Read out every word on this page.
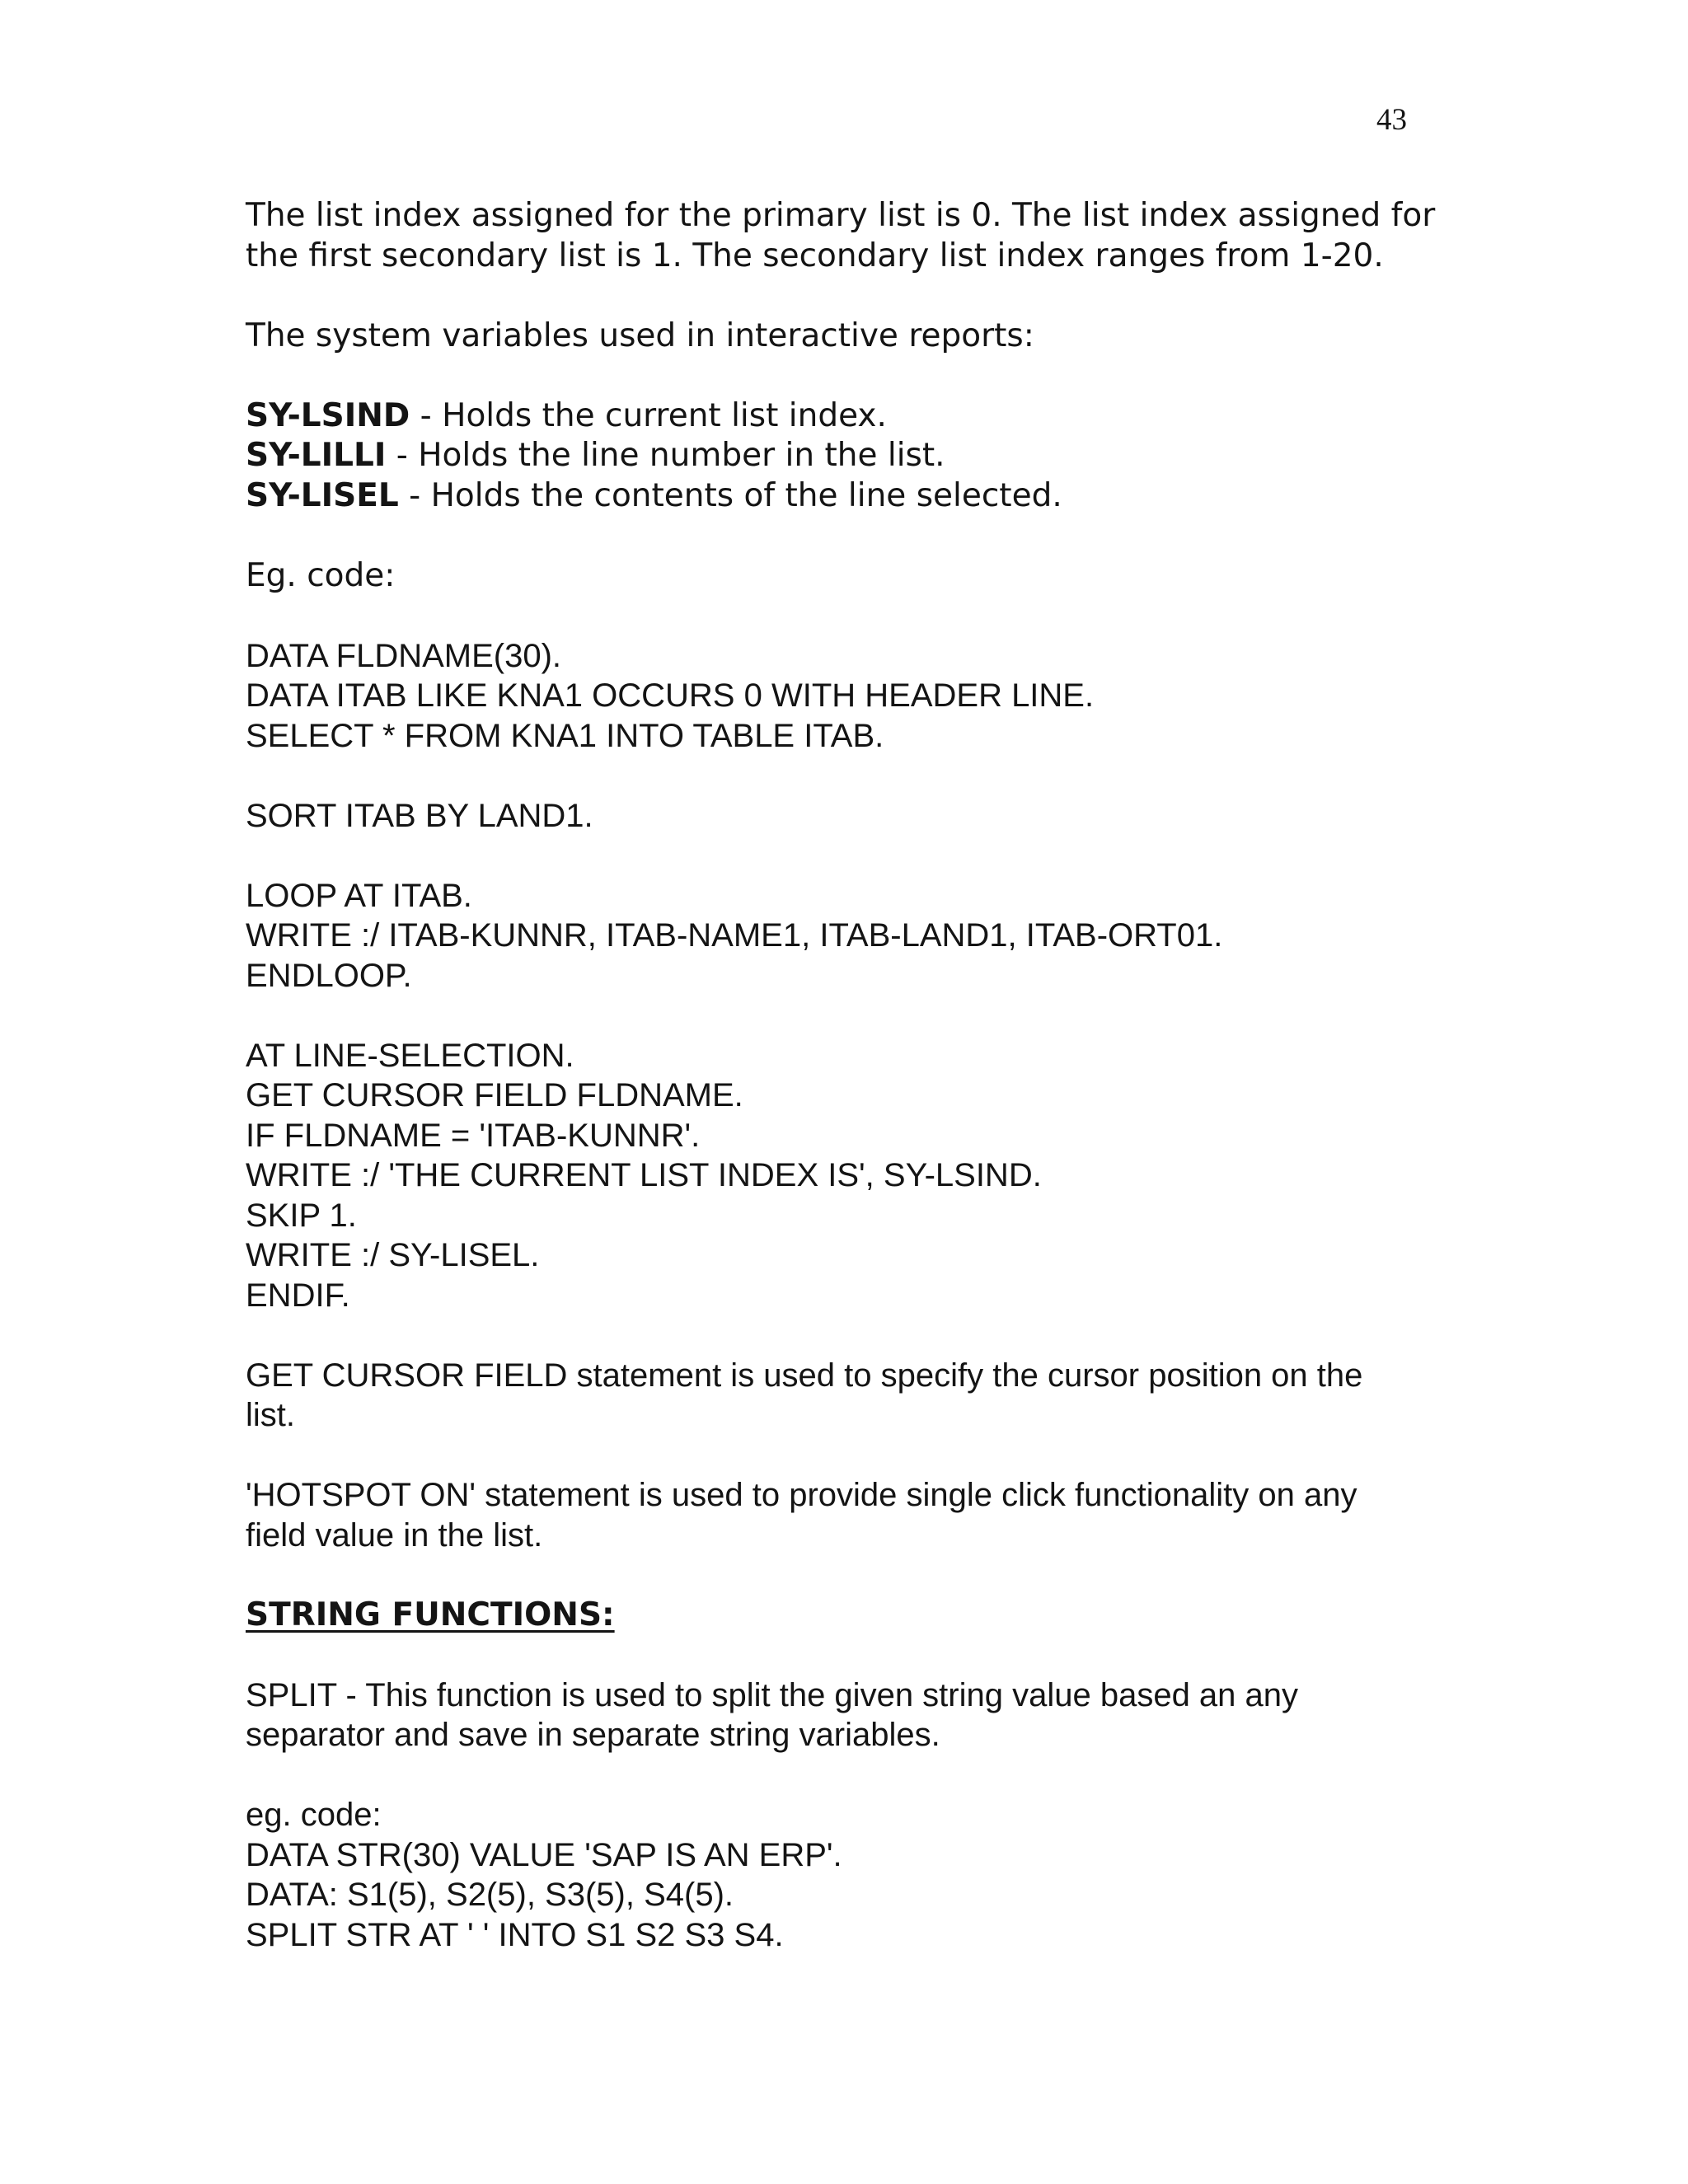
43
The list index assigned for the primary list is 0. The list index assigned for
the first secondary list is 1. The secondary list index ranges from 1-20.
The system variables used in interactive reports:
SY-LSIND - Holds the current list index.
SY-LILLI - Holds the line number in the list.
SY-LISEL - Holds the contents of the line selected.
Eg. code:
DATA FLDNAME(30).
DATA ITAB LIKE KNA1 OCCURS 0 WITH HEADER LINE.
SELECT * FROM KNA1 INTO TABLE ITAB.
SORT ITAB BY LAND1.
LOOP AT ITAB.
WRITE :/ ITAB-KUNNR, ITAB-NAME1, ITAB-LAND1, ITAB-ORT01.
ENDLOOP.
AT LINE-SELECTION.
GET CURSOR FIELD FLDNAME.
IF FLDNAME = 'ITAB-KUNNR'.
WRITE :/ 'THE CURRENT LIST INDEX IS', SY-LSIND.
SKIP 1.
WRITE :/ SY-LISEL.
ENDIF.
GET CURSOR FIELD statement is used to specify the cursor position on the
list.
'HOTSPOT ON' statement is used to provide single click functionality on any
field value in the list.
STRING FUNCTIONS:
SPLIT - This function is used to split the given string value based an any
separator and save in separate string variables.
eg. code:
DATA STR(30) VALUE 'SAP IS AN ERP'.
DATA: S1(5), S2(5), S3(5), S4(5).
SPLIT STR AT ' ' INTO S1 S2 S3 S4.
